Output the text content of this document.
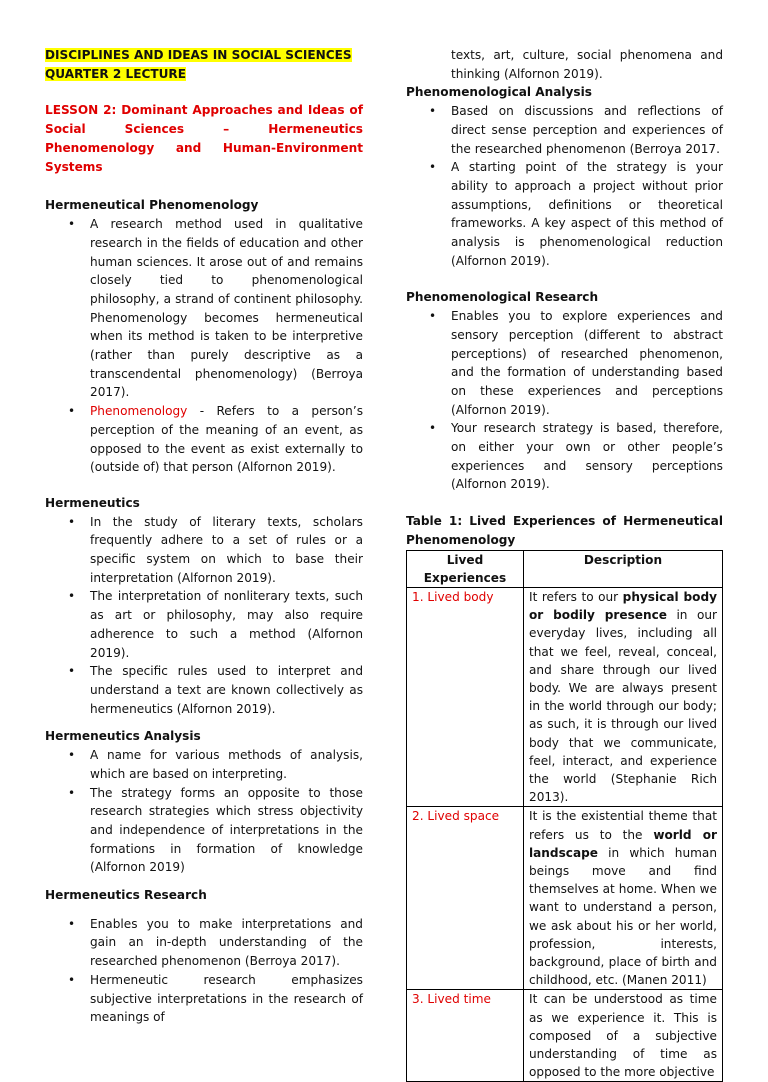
DISCIPLINES AND IDEAS IN SOCIAL SCIENCES
QUARTER 2 LECTURE
LESSON 2: Dominant Approaches and Ideas of Social Sciences – Hermeneutics Phenomenology and Human-Environment Systems
Hermeneutical Phenomenology
• A research method used in qualitative research in the fields of education and other human sciences. It arose out of and remains closely tied to phenomenological philosophy, a strand of continent philosophy. Phenomenology becomes hermeneutical when its method is taken to be interpretive (rather than purely descriptive as a transcendental phenomenology) (Berroya 2017).
• Phenomenology - Refers to a person’s perception of the meaning of an event, as opposed to the event as exist externally to (outside of) that person (Alfornon 2019).
Hermeneutics
• In the study of literary texts, scholars frequently adhere to a set of rules or a specific system on which to base their interpretation (Alfornon 2019).
• The interpretation of nonliterary texts, such as art or philosophy, may also require adherence to such a method (Alfornon 2019).
• The specific rules used to interpret and understand a text are known collectively as hermeneutics (Alfornon 2019).
Hermeneutics Analysis
• A name for various methods of analysis, which are based on interpreting.
• The strategy forms an opposite to those research strategies which stress objectivity and independence of interpretations in the formations in formation of knowledge (Alfornon 2019)
Hermeneutics Research
• Enables you to make interpretations and gain an in-depth understanding of the researched phenomenon (Berroya 2017).
• Hermeneutic research emphasizes subjective interpretations in the research of meanings of
texts, art, culture, social phenomena and thinking (Alfornon 2019).
Phenomenological Analysis
• Based on discussions and reflections of direct sense perception and experiences of the researched phenomenon (Berroya 2017.
• A starting point of the strategy is your ability to approach a project without prior assumptions, definitions or theoretical frameworks. A key aspect of this method of analysis is phenomenological reduction (Alfornon 2019).
Phenomenological Research
• Enables you to explore experiences and sensory perception (different to abstract perceptions) of researched phenomenon, and the formation of understanding based on these experiences and perceptions (Alfornon 2019).
• Your research strategy is based, therefore, on either your own or other people’s experiences and sensory perceptions (Alfornon 2019).
Table 1: Lived Experiences of Hermeneutical Phenomenology
Lived Experiences	Description
1. Lived body	It refers to our physical body or bodily presence in our everyday lives, including all that we feel, reveal, conceal, and share through our lived body. We are always present in the world through our body; as such, it is through our lived body that we communicate, feel, interact, and experience the world (Stephanie Rich 2013).
2. Lived space	It is the existential theme that refers us to the world or landscape in which human beings move and find themselves at home. When we want to understand a person, we ask about his or her world, profession, interests, background, place of birth and childhood, etc. (Manen 2011)
3. Lived time	It can be understood as time as we experience it. This is composed of a subjective understanding of time as opposed to the more objective
